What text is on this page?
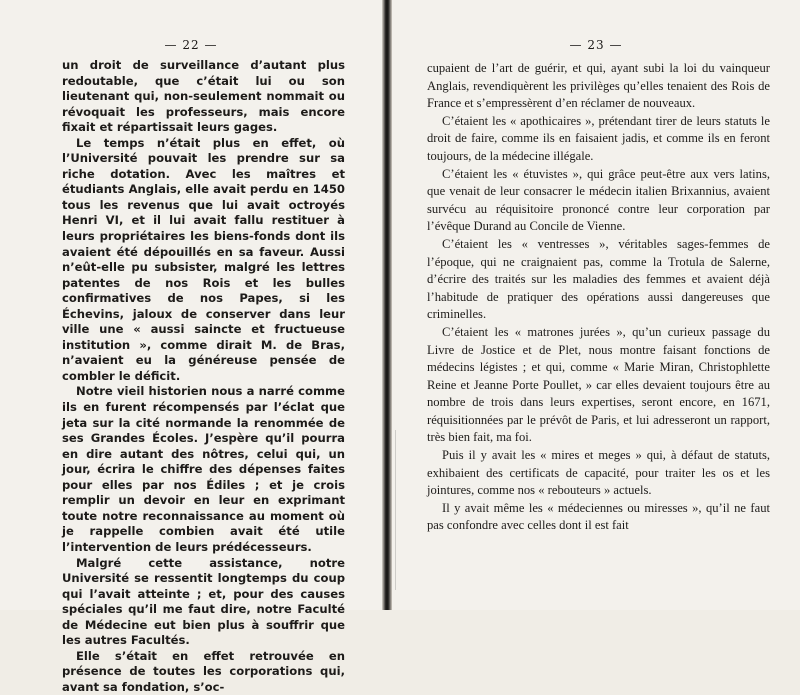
— 22 —

un droit de surveillance d’autant plus redoutable, que c’était lui ou son lieutenant qui, non-seulement nommait ou révoquait les professeurs, mais encore fixait et répartissait leurs gages.

Le temps n’était plus en effet, où l’Université pouvait les prendre sur sa riche dotation. Avec les maîtres et étudiants Anglais, elle avait perdu en 1450 tous les revenus que lui avait octroyés Henri VI, et il lui avait fallu restituer à leurs propriétaires les biens-fonds dont ils avaient été dépouillés en sa faveur. Aussi n’eût-elle pu subsister, malgré les lettres patentes de nos Rois et les bulles confirmatives de nos Papes, si les Échevins, jaloux de conserver dans leur ville une « aussi saincte et fructueuse institution », comme dirait M. de Bras, n’avaient eu la généreuse pensée de combler le déficit.

Notre vieil historien nous a narré comme ils en furent récompensés par l’éclat que jeta sur la cité normande la renommée de ses Grandes Écoles. J’espère qu’il pourra en dire autant des nôtres, celui qui, un jour, écrira le chiffre des dépenses faites pour elles par nos Édiles ; et je crois remplir un devoir en leur en exprimant toute notre reconnaissance au moment où je rappelle combien avait été utile l’intervention de leurs prédécesseurs.

Malgré cette assistance, notre Université se ressentit longtemps du coup qui l’avait atteinte ; et, pour des causes spéciales qu’il me faut dire, notre Faculté de Médecine eut bien plus à souffrir que les autres Facultés.

Elle s’était en effet retrouvée en présence de toutes les corporations qui, avant sa fondation, s’oc-

— 23 —

cupaient de l’art de guérir, et qui, ayant subi la loi du vainqueur Anglais, revendiquèrent les privilèges qu’elles tenaient des Rois de France et s’empressèrent d’en réclamer de nouveaux.

C’étaient les « apothicaires », prétendant tirer de leurs statuts le droit de faire, comme ils en faisaient jadis, et comme ils en feront toujours, de la médecine illégale.

C’étaient les « étuvistes », qui grâce peut-être aux vers latins, que venait de leur consacrer le médecin italien Brixannius, avaient survécu au réquisitoire prononcé contre leur corporation par l’évêque Durand au Concile de Vienne.

C’étaient les « ventresses », véritables sages-femmes de l’époque, qui ne craignaient pas, comme la Trotula de Salerne, d’écrire des traités sur les maladies des femmes et avaient déjà l’habitude de pratiquer des opérations aussi dangereuses que criminelles.

C’étaient les « matrones jurées », qu’un curieux passage du Livre de Jostice et de Plet, nous montre faisant fonctions de médecins légistes ; et qui, comme « Marie Miran, Christophlette Reine et Jeanne Porte Poullet, » car elles devaient toujours être au nombre de trois dans leurs expertises, seront encore, en 1671, réquisitionnées par le prévôt de Paris, et lui adresseront un rapport, très bien fait, ma foi.

Puis il y avait les « mires et meges » qui, à défaut de statuts, exhibaient des certificats de capacité, pour traiter les os et les jointures, comme nos « rebouteurs » actuels.

Il y avait même les « médeciennes ou miresses », qu’il ne faut pas confondre avec celles dont il est fait
